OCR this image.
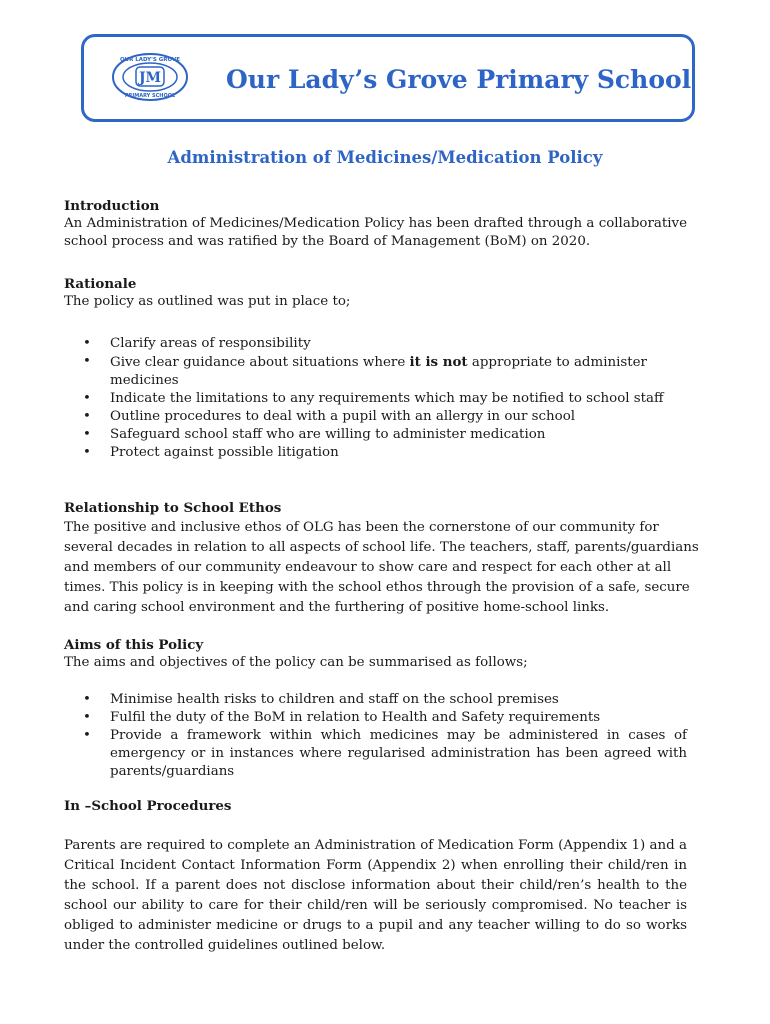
JM
OUR LADY'S GROVE
PRIMARY SCHOOL
Our Lady’s Grove Primary School
Administration of Medicines/Medication Policy
Introduction

An Administration of Medicines/Medication Policy has been drafted through a collaborative school process and was ratified by the Board of Management (BoM) on 2020.

Rationale

The policy as outlined was put in place to;

• Clarify areas of responsibility
• Give clear guidance about situations where it is not appropriate to administer medicines
• Indicate the limitations to any requirements which may be notified to school staff
• Outline procedures to deal with a pupil with an allergy in our school
• Safeguard school staff who are willing to administer medication
• Protect against possible litigation
Relationship to School Ethos
The positive and inclusive ethos of OLG has been the cornerstone of our community for
several decades in relation to all aspects of school life. The teachers, staff, parents/guardians
and members of our community endeavour to show care and respect for each other at all
times. This policy is in keeping with the school ethos through the provision of a safe, secure
and caring school environment and the furthering of positive home-school links.
Aims of this Policy

The aims and objectives of the policy can be summarised as follows;

• Minimise health risks to children and staff on the school premises
• Fulfil the duty of the BoM in relation to Health and Safety requirements
• Provide a framework within which medicines may be administered in cases of emergency or in instances where regularised administration has been agreed with parents/guardians
In –School Procedures

Parents are required to complete an Administration of Medication Form (Appendix 1) and a Critical Incident Contact Information Form (Appendix 2) when enrolling their child/ren in the school. If a parent does not disclose information about their child/ren’s health to the school our ability to care for their child/ren will be seriously compromised. No teacher is obliged to administer medicine or drugs to a pupil and any teacher willing to do so works under the controlled guidelines outlined below.
